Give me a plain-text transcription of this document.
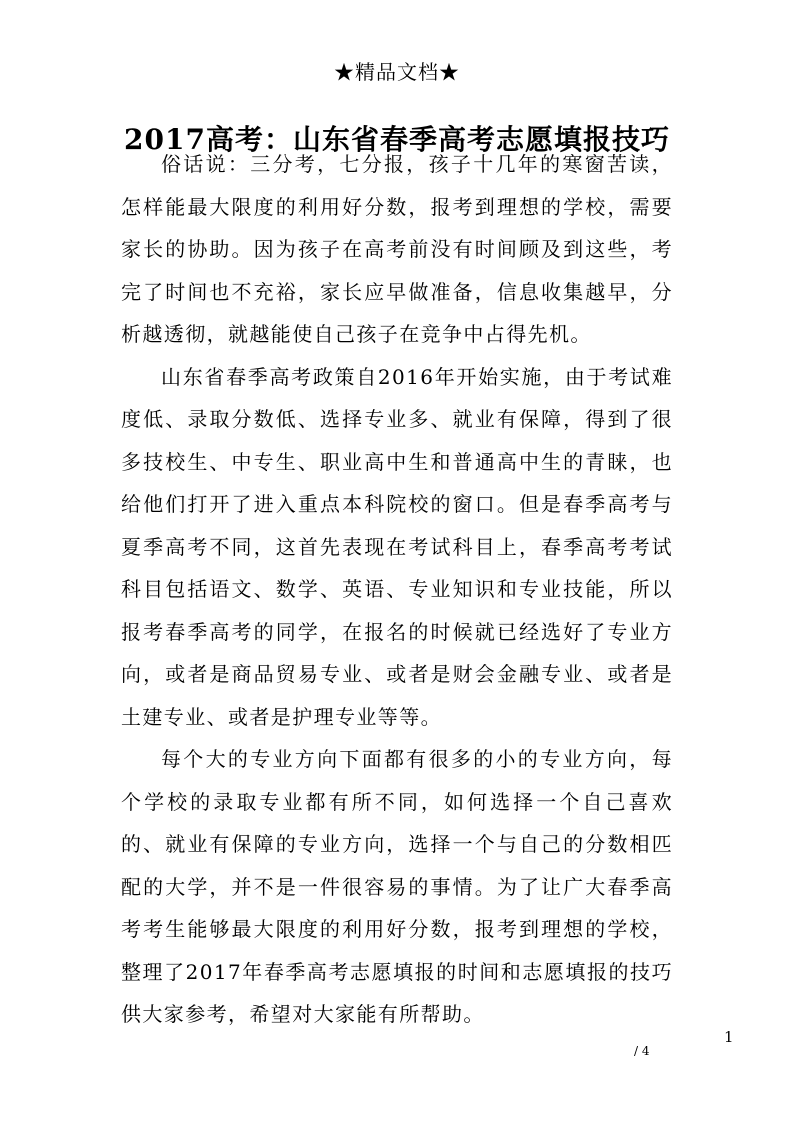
★精品文档★
2017高考：山东省春季高考志愿填报技巧

俗话说：三分考，七分报，孩子十几年的寒窗苦读，怎样能最大限度的利用好分数，报考到理想的学校，需要家长的协助。因为孩子在高考前没有时间顾及到这些，考完了时间也不充裕，家长应早做准备，信息收集越早，分析越透彻，就越能使自己孩子在竞争中占得先机。

山东省春季高考政策自2016年开始实施，由于考试难度低、录取分数低、选择专业多、就业有保障，得到了很多技校生、中专生、职业高中生和普通高中生的青睐，也给他们打开了进入重点本科院校的窗口。但是春季高考与夏季高考不同，这首先表现在考试科目上，春季高考考试科目包括语文、数学、英语、专业知识和专业技能，所以报考春季高考的同学，在报名的时候就已经选好了专业方向，或者是商品贸易专业、或者是财会金融专业、或者是土建专业、或者是护理专业等等。

每个大的专业方向下面都有很多的小的专业方向，每个学校的录取专业都有所不同，如何选择一个自己喜欢的、就业有保障的专业方向，选择一个与自己的分数相匹配的大学，并不是一件很容易的事情。为了让广大春季高考考生能够最大限度的利用好分数，报考到理想的学校，整理了2017年春季高考志愿填报的时间和志愿填报的技巧供大家参考，希望对大家能有所帮助。

1
/ 4
